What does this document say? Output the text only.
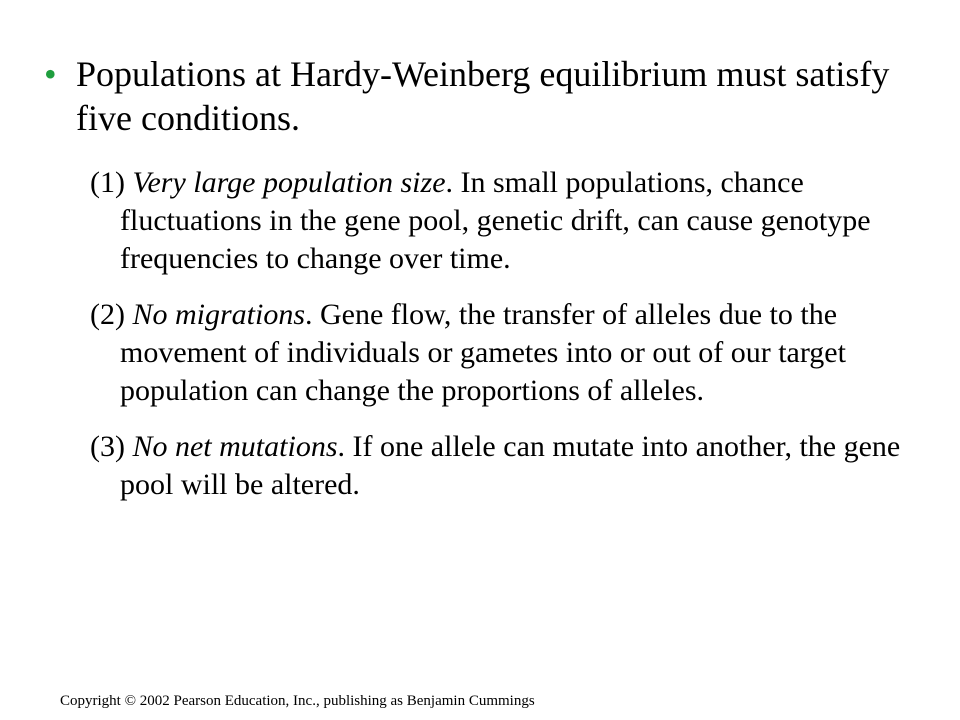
• Populations at Hardy-Weinberg equilibrium must satisfy five conditions.
(1) Very large population size. In small populations, chance fluctuations in the gene pool, genetic drift, can cause genotype frequencies to change over time.
(2) No migrations. Gene flow, the transfer of alleles due to the movement of individuals or gametes into or out of our target population can change the proportions of alleles.
(3) No net mutations. If one allele can mutate into another, the gene pool will be altered.
Copyright © 2002 Pearson Education, Inc., publishing as Benjamin Cummings
